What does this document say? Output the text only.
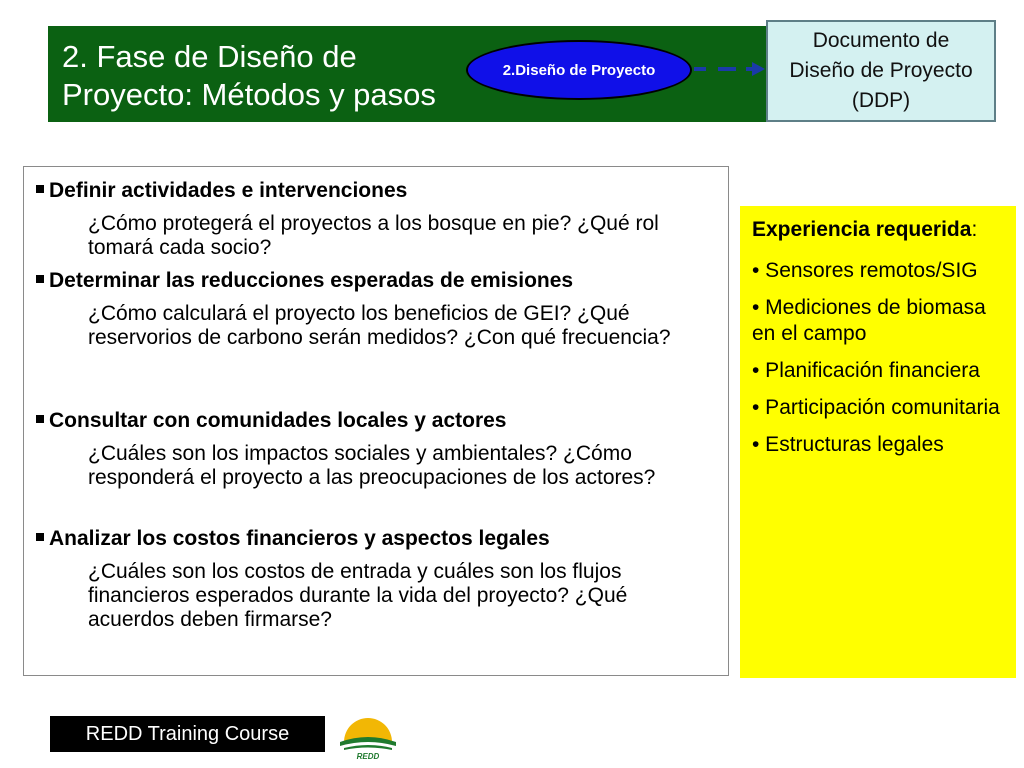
2. Fase de Diseño de
Proyecto: Métodos y pasos
2.Diseño de Proyecto
Documento de Diseño de Proyecto (DDP)
Definir actividades e intervenciones
¿Cómo protegerá el proyectos a los bosque en pie? ¿Qué rol tomará cada socio?
Determinar las reducciones esperadas de emisiones
¿Cómo calculará el proyecto los beneficios de GEI? ¿Qué reservorios de carbono serán medidos? ¿Con qué frecuencia?
Consultar con comunidades locales y actores
¿Cuáles son los impactos sociales y ambientales? ¿Cómo responderá el proyecto a las preocupaciones de los actores?
Analizar los costos financieros y aspectos legales
¿Cuáles son los costos de entrada y cuáles son los flujos financieros esperados durante la vida del proyecto? ¿Qué acuerdos deben firmarse?
Experiencia requerida:
• Sensores remotos/SIG
• Mediciones de biomasa en el campo
• Planificación financiera
• Participación comunitaria
• Estructuras legales
REDD Training Course
REDD
